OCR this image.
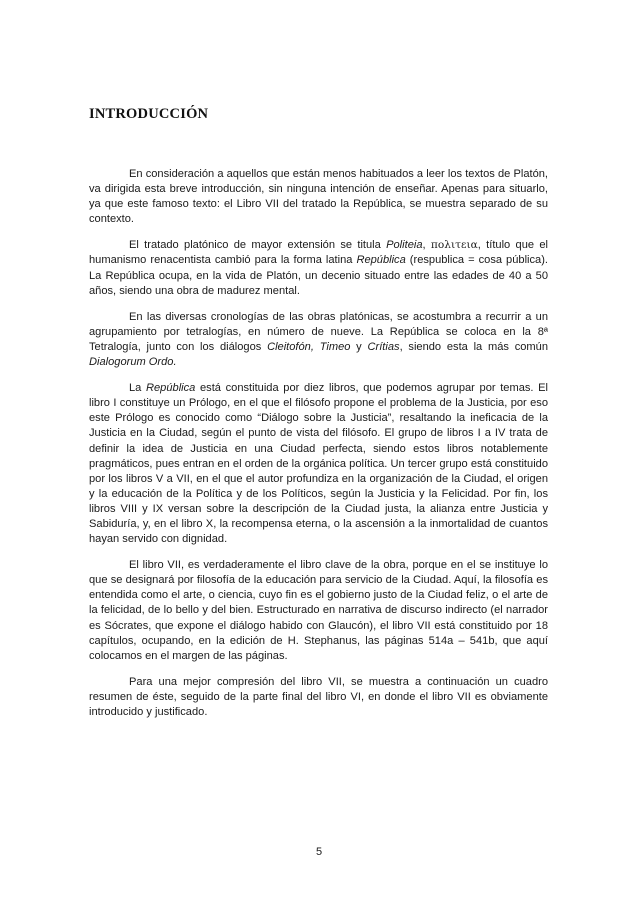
INTRODUCCIÓN

En consideración a aquellos que están menos habituados a leer los textos de Platón, va dirigida esta breve introducción, sin ninguna intención de enseñar. Apenas para situarlo, ya que este famoso texto: el Libro VII del tratado la República, se muestra separado de su contexto.

El tratado platónico de mayor extensión se titula Politeia, πολιτεια, título que el humanismo renacentista cambió para la forma latina República (respublica = cosa pública). La República ocupa, en la vida de Platón, un decenio situado entre las edades de 40 a 50 años, siendo una obra de madurez mental.

En las diversas cronologías de las obras platónicas, se acostumbra a recurrir a un agrupamiento por tetralogías, en número de nueve. La República se coloca en la 8ª Tetralogía, junto con los diálogos Cleitofón, Timeo y Crítias, siendo esta la más común Dialogorum Ordo.

La República está constituida por diez libros, que podemos agrupar por temas. El libro I constituye un Prólogo, en el que el filósofo propone el problema de la Justicia, por eso este Prólogo es conocido como “Diálogo sobre la Justicia”, resaltando la ineficacia de la Justicia en la Ciudad, según el punto de vista del filósofo. El grupo de libros I a IV trata de definir la idea de Justicia en una Ciudad perfecta, siendo estos libros notablemente pragmáticos, pues entran en el orden de la orgánica política. Un tercer grupo está constituido por los libros V a VII, en el que el autor profundiza en la organización de la Ciudad, el origen y la educación de la Política y de los Políticos, según la Justicia y la Felicidad. Por fin, los libros VIII y IX versan sobre la descripción de la Ciudad justa, la alianza entre Justicia y Sabiduría, y, en el libro X, la recompensa eterna, o la ascensión a la inmortalidad de cuantos hayan servido con dignidad.

El libro VII, es verdaderamente el libro clave de la obra, porque en el se instituye lo que se designará por filosofía de la educación para servicio de la Ciudad. Aquí, la filosofía es entendida como el arte, o ciencia, cuyo fin es el gobierno justo de la Ciudad feliz, o el arte de la felicidad, de lo bello y del bien. Estructurado en narrativa de discurso indirecto (el narrador es Sócrates, que expone el diálogo habido con Glaucón), el libro VII está constituido por 18 capítulos, ocupando, en la edición de H. Stephanus, las páginas 514a – 541b, que aquí colocamos en el margen de las páginas.

Para una mejor compresión del libro VII, se muestra a continuación un cuadro resumen de éste, seguido de la parte final del libro VI, en donde el libro VII es obviamente introducido y justificado.

5
